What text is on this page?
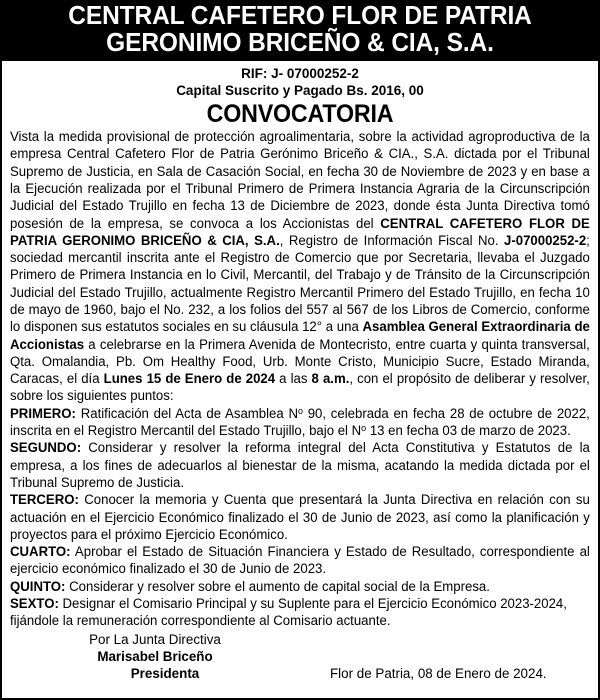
CENTRAL CAFETERO FLOR DE PATRIA
GERONIMO BRICEÑO & CIA, S.A.
RIF: J- 07000252-2
Capital Suscrito y Pagado Bs. 2016, 00
CONVOCATORIA

Vista la medida provisional de protección agroalimentaria, sobre la actividad agroproductiva de la empresa Central Cafetero Flor de Patria Gerónimo Briceño & CIA., S.A. dictada por el Tribunal Supremo de Justicia, en Sala de Casación Social, en fecha 30 de Noviembre de 2023 y en base a la Ejecución realizada por el Tribunal Primero de Primera Instancia Agraria de la Circunscripción Judicial del Estado Trujillo en fecha 13 de Diciembre de 2023, donde ésta Junta Directiva tomó posesión de la empresa, se convoca a los Accionistas del CENTRAL CAFETERO FLOR DE PATRIA GERONIMO BRICEÑO & CIA, S.A., Registro de Información Fiscal No. J-07000252-2; sociedad mercantil inscrita ante el Registro de Comercio que por Secretaria, llevaba el Juzgado Primero de Primera Instancia en lo Civil, Mercantil, del Trabajo y de Tránsito de la Circunscripción Judicial del Estado Trujillo, actualmente Registro Mercantil Primero del Estado Trujillo, en fecha 10 de mayo de 1960, bajo el No. 232, a los folios del 557 al 567 de los Libros de Comercio, conforme lo disponen sus estatutos sociales en su cláusula 12° a una Asamblea General Extraordinaria de Accionistas a celebrarse en la Primera Avenida de Montecristo, entre cuarta y quinta transversal, Qta. Omalandia, Pb. Om Healthy Food, Urb. Monte Cristo, Municipio Sucre, Estado Miranda, Caracas, el día Lunes 15 de Enero de 2024 a las 8 a.m., con el propósito de deliberar y resolver, sobre los siguientes puntos:

PRIMERO: Ratificación del Acta de Asamblea $N^o$ 90, celebrada en fecha 28 de octubre de 2022, inscrita en el Registro Mercantil del Estado Trujillo, bajo el $N^o$ 13 en fecha 03 de marzo de 2023.

SEGUNDO: Considerar y resolver la reforma integral del Acta Constitutiva y Estatutos de la empresa, a los fines de adecuarlos al bienestar de la misma, acatando la medida dictada por el Tribunal Supremo de Justicia.

TERCERO: Conocer la memoria y Cuenta que presentará la Junta Directiva en relación con su actuación en el Ejercicio Económico finalizado el 30 de Junio de 2023, así como la planificación y proyectos para el próximo Ejercicio Económico.

CUARTO: Aprobar el Estado de Situación Financiera y Estado de Resultado, correspondiente al ejercicio económico finalizado el 30 de Junio de 2023.

QUINTO: Considerar y resolver sobre el aumento de capital social de la Empresa.

SEXTO: Designar el Comisario Principal y su Suplente para el Ejercicio Económico 2023-2024, fijándole la remuneración correspondiente al Comisario actuante.

Por La Junta Directiva
Marisabel Briceño
Presidenta	Flor de Patria, 08 de Enero de 2024.
